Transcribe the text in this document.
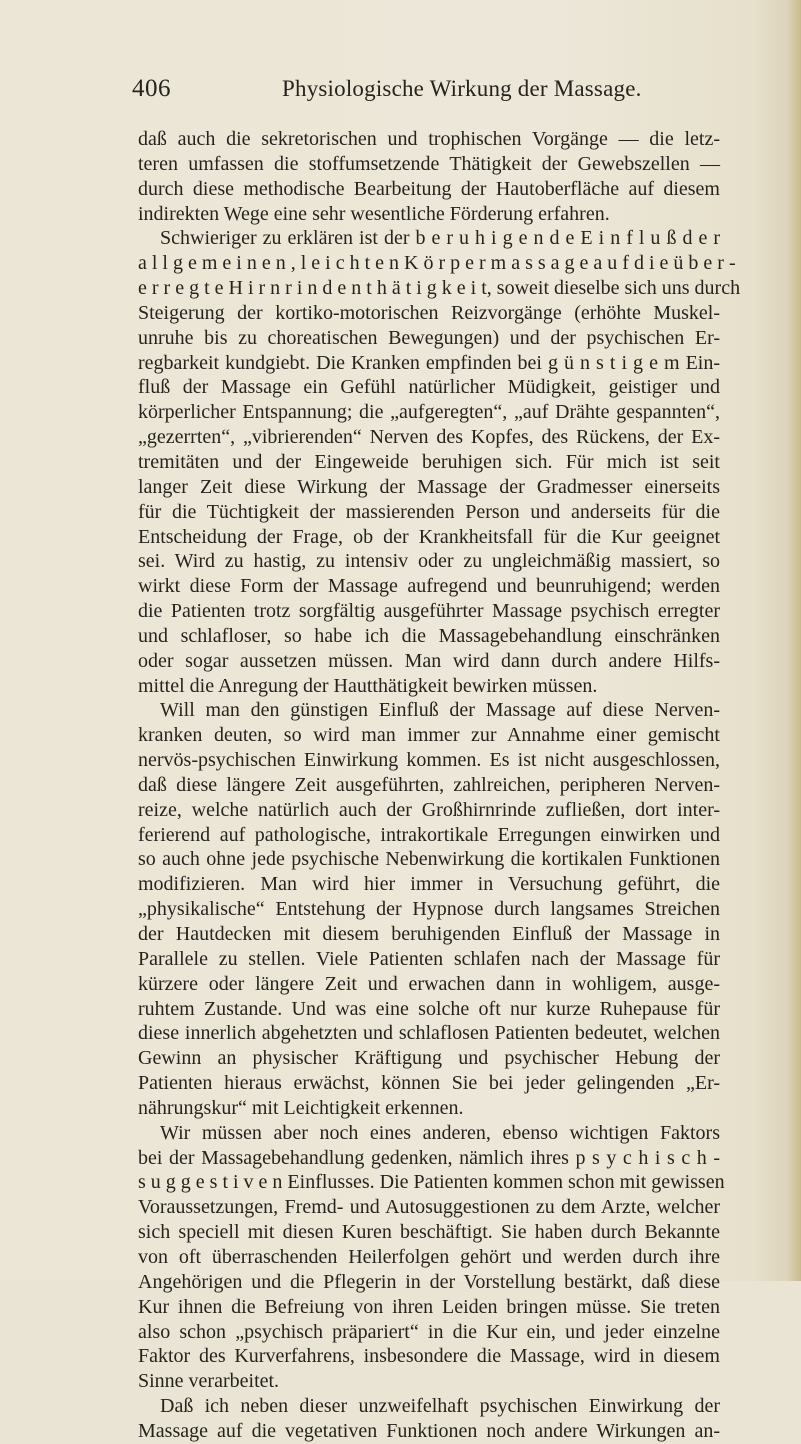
406	Physiologische Wirkung der Massage.
daß auch die sekretorischen und trophischen Vorgänge — die letz-
teren umfassen die stoffumsetzende Thätigkeit der Gewebszellen —
durch diese methodische Bearbeitung der Hautoberfläche auf diesem
indirekten Wege eine sehr wesentliche Förderung erfahren.
Schwieriger zu erklären ist der b e r u h i g e n d e E i n f l u ß d e r
a l l g e m e i n e n , l e i c h t e n K ö r p e r m a s s a g e a u f d i e ü b e r -
e r r e g t e H i r n r i n d e n t h ä t i g k e i t, soweit dieselbe sich uns durch
Steigerung der kortiko-motorischen Reizvorgänge (erhöhte Muskel-
unruhe bis zu choreatischen Bewegungen) und der psychischen Er-
regbarkeit kundgiebt. Die Kranken empfinden bei g ü n s t i g e m Ein-
fluß der Massage ein Gefühl natürlicher Müdigkeit, geistiger und
körperlicher Entspannung; die „aufgeregten“, „auf Drähte gespannten“,
„gezerrten“, „vibrierenden“ Nerven des Kopfes, des Rückens, der Ex-
tremitäten und der Eingeweide beruhigen sich. Für mich ist seit
langer Zeit diese Wirkung der Massage der Gradmesser einerseits
für die Tüchtigkeit der massierenden Person und anderseits für die
Entscheidung der Frage, ob der Krankheitsfall für die Kur geeignet
sei. Wird zu hastig, zu intensiv oder zu ungleichmäßig massiert, so
wirkt diese Form der Massage aufregend und beunruhigend; werden
die Patienten trotz sorgfältig ausgeführter Massage psychisch erregter
und schlafloser, so habe ich die Massagebehandlung einschränken
oder sogar aussetzen müssen. Man wird dann durch andere Hilfs-
mittel die Anregung der Hautthätigkeit bewirken müssen.
Will man den günstigen Einfluß der Massage auf diese Nerven-
kranken deuten, so wird man immer zur Annahme einer gemischt
nervös-psychischen Einwirkung kommen. Es ist nicht ausgeschlossen,
daß diese längere Zeit ausgeführten, zahlreichen, peripheren Nerven-
reize, welche natürlich auch der Großhirnrinde zufließen, dort inter-
ferierend auf pathologische, intrakortikale Erregungen einwirken und
so auch ohne jede psychische Nebenwirkung die kortikalen Funktionen
modifizieren. Man wird hier immer in Versuchung geführt, die
„physikalische“ Entstehung der Hypnose durch langsames Streichen
der Hautdecken mit diesem beruhigenden Einfluß der Massage in
Parallele zu stellen. Viele Patienten schlafen nach der Massage für
kürzere oder längere Zeit und erwachen dann in wohligem, ausge-
ruhtem Zustande. Und was eine solche oft nur kurze Ruhepause für
diese innerlich abgehetzten und schlaflosen Patienten bedeutet, welchen
Gewinn an physischer Kräftigung und psychischer Hebung der
Patienten hieraus erwächst, können Sie bei jeder gelingenden „Er-
nährungskur“ mit Leichtigkeit erkennen.
Wir müssen aber noch eines anderen, ebenso wichtigen Faktors
bei der Massagebehandlung gedenken, nämlich ihres p s y c h i s c h -
s u g g e s t i v e n Einflusses. Die Patienten kommen schon mit gewissen
Voraussetzungen, Fremd- und Autosuggestionen zu dem Arzte, welcher
sich speciell mit diesen Kuren beschäftigt. Sie haben durch Bekannte
von oft überraschenden Heilerfolgen gehört und werden durch ihre
Angehörigen und die Pflegerin in der Vorstellung bestärkt, daß diese
Kur ihnen die Befreiung von ihren Leiden bringen müsse. Sie treten
also schon „psychisch präpariert“ in die Kur ein, und jeder einzelne
Faktor des Kurverfahrens, insbesondere die Massage, wird in diesem
Sinne verarbeitet.
Daß ich neben dieser unzweifelhaft psychischen Einwirkung der
Massage auf die vegetativen Funktionen noch andere Wirkungen an-
